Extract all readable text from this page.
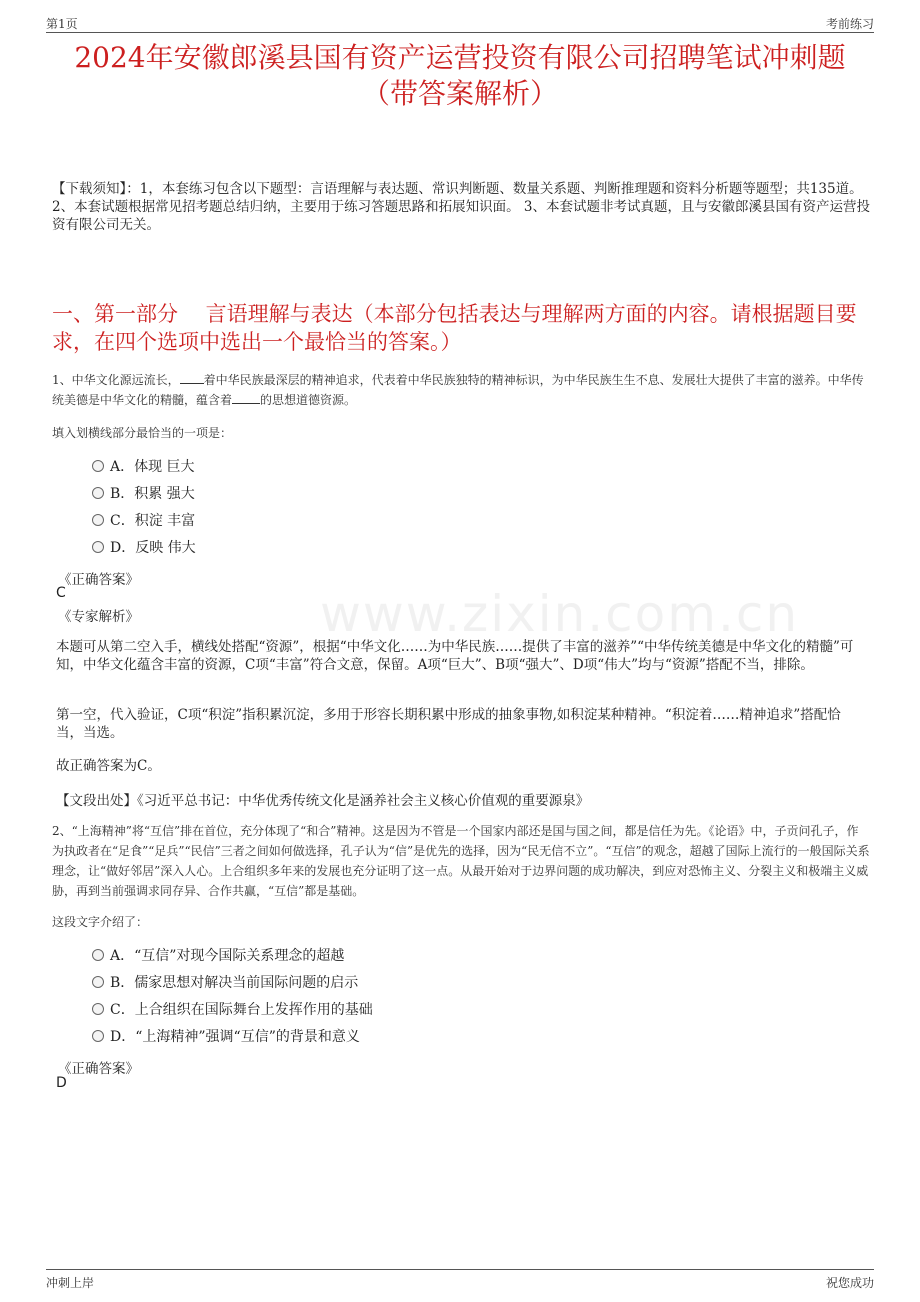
第1页	考前练习
www.zixin.com.cn
2024年安徽郎溪县国有资产运营投资有限公司招聘笔试冲刺题
（带答案解析）
【下载须知】：1，本套练习包含以下题型：言语理解与表达题、常识判断题、数量关系题、判断推理题和资料分析题等题型；共135道。 2、本套试题根据常见招考题总结归纳，主要用于练习答题思路和拓展知识面。 3、本套试题非考试真题，且与安徽郎溪县国有资产运营投资有限公司无关。
一、第一部分　 言语理解与表达（本部分包括表达与理解两方面的内容。请根据题目要求，在四个选项中选出一个最恰当的答案。）
1、中华文化源远流长， 着中华民族最深层的精神追求，代表着中华民族独特的精神标识，为中华民族生生不息、发展壮大提供了丰富的滋养。中华传统美德是中华文化的精髓，蕴含着 的思想道德资源。
填入划横线部分最恰当的一项是：
A．体现 巨大
B．积累 强大
C．积淀 丰富
D．反映 伟大
《正确答案》
C
《专家解析》
本题可从第二空入手，横线处搭配“资源”，根据“中华文化……为中华民族……提供了丰富的滋养”“中华传统美德是中华文化的精髓”可知，中华文化蕴含丰富的资源，C项“丰富”符合文意，保留。A项“巨大”、B项“强大”、D项“伟大”均与“资源”搭配不当，排除。
第一空，代入验证，C项“积淀”指积累沉淀，多用于形容长期积累中形成的抽象事物,如积淀某种精神。“积淀着……精神追求”搭配恰当，当选。
故正确答案为C。
【文段出处】《习近平总书记：中华优秀传统文化是涵养社会主义核心价值观的重要源泉》
2、“上海精神”将“互信”排在首位，充分体现了“和合”精神。这是因为不管是一个国家内部还是国与国之间，都是信任为先。《论语》中，子贡问孔子，作为执政者在“足食”“足兵”“民信”三者之间如何做选择，孔子认为“信”是优先的选择，因为“民无信不立”。“互信”的观念，超越了国际上流行的一般国际关系理念，让“做好邻居”深入人心。上合组织多年来的发展也充分证明了这一点。从最开始对于边界问题的成功解决，到应对恐怖主义、分裂主义和极端主义威胁，再到当前强调求同存异、合作共赢，“互信”都是基础。
这段文字介绍了：
A．“互信”对现今国际关系理念的超越
B．儒家思想对解决当前国际问题的启示
C．上合组织在国际舞台上发挥作用的基础
D．“上海精神”强调“互信”的背景和意义
《正确答案》
D
冲刺上岸	祝您成功
